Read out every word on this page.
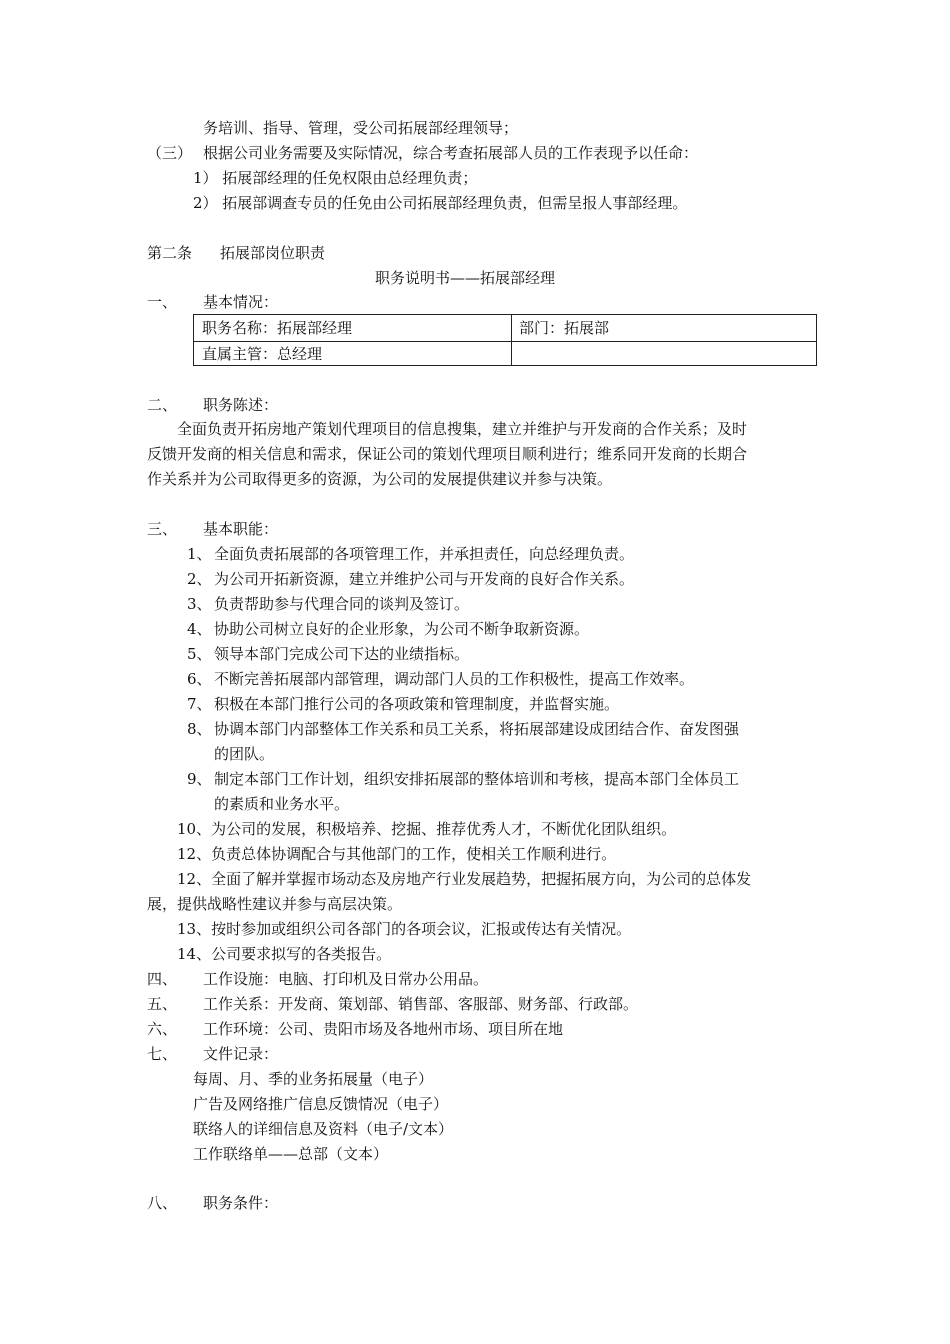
务培训、指导、管理，受公司拓展部经理领导；
（三） 根据公司业务需要及实际情况，综合考查拓展部人员的工作表现予以任命：
1） 拓展部经理的任免权限由总经理负责；
2） 拓展部调查专员的任免由公司拓展部经理负责，但需呈报人事部经理。
第二条 拓展部岗位职责
职务说明书——拓展部经理
一、 基本情况：
职务名称：拓展部经理	部门：拓展部
直属主管：总经理
二、 职务陈述：
全面负责开拓房地产策划代理项目的信息搜集，建立并维护与开发商的合作关系；及时
反馈开发商的相关信息和需求，保证公司的策划代理项目顺利进行；维系同开发商的长期合
作关系并为公司取得更多的资源，为公司的发展提供建议并参与决策。
三、 基本职能：
1、 全面负责拓展部的各项管理工作，并承担责任，向总经理负责。
2、 为公司开拓新资源，建立并维护公司与开发商的良好合作关系。
3、 负责帮助参与代理合同的谈判及签订。
4、 协助公司树立良好的企业形象，为公司不断争取新资源。
5、 领导本部门完成公司下达的业绩指标。
6、 不断完善拓展部内部管理，调动部门人员的工作积极性，提高工作效率。
7、 积极在本部门推行公司的各项政策和管理制度，并监督实施。
8、 协调本部门内部整体工作关系和员工关系，将拓展部建设成团结合作、奋发图强
的团队。
9、 制定本部门工作计划，组织安排拓展部的整体培训和考核，提高本部门全体员工
的素质和业务水平。
10、为公司的发展，积极培养、挖掘、推荐优秀人才，不断优化团队组织。
12、负责总体协调配合与其他部门的工作，使相关工作顺利进行。
12、全面了解并掌握市场动态及房地产行业发展趋势，把握拓展方向，为公司的总体发
展，提供战略性建议并参与高层决策。
13、按时参加或组织公司各部门的各项会议，汇报或传达有关情况。
14、公司要求拟写的各类报告。
四、 工作设施：电脑、打印机及日常办公用品。
五、 工作关系：开发商、策划部、销售部、客服部、财务部、行政部。
六、 工作环境：公司、贵阳市场及各地州市场、项目所在地
七、 文件记录：
每周、月、季的业务拓展量（电子）
广告及网络推广信息反馈情况（电子）
联络人的详细信息及资料（电子/文本）
工作联络单——总部（文本）
八、 职务条件：
